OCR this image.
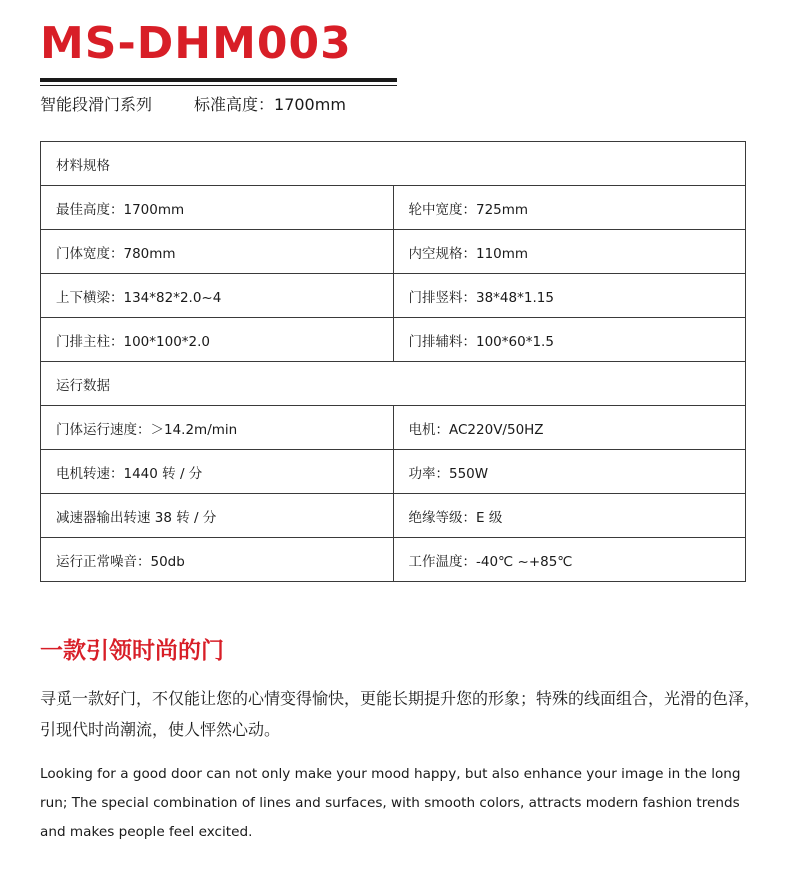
MS-DHM003
智能段滑门系列	标准高度：1700mm
材料规格	
最佳高度：1700mm	轮中宽度：725mm
门体宽度：780mm	内空规格：110mm
上下横梁：134*82*2.0~4	门排竖料：38*48*1.15
门排主柱：100*100*2.0	门排辅料：100*60*1.5
运行数据	
门体运行速度：＞14.2m/min	电机：AC220V/50HZ
电机转速：1440 转 / 分	功率：550W
减速器输出转速 38 转 / 分	绝缘等级：E 级
运行正常噪音：50db	工作温度：-40℃ ~+85℃
一款引领时尚的门
寻觅一款好门，不仅能让您的心情变得愉快，更能长期提升您的形象；特殊的线面组合，光滑的色泽，引现代时尚潮流，使人怦然心动。
Looking for a good door can not only make your mood happy, but also enhance your image in the long run; The special combination of lines and surfaces, with smooth colors, attracts modern fashion trends and makes people feel excited.
